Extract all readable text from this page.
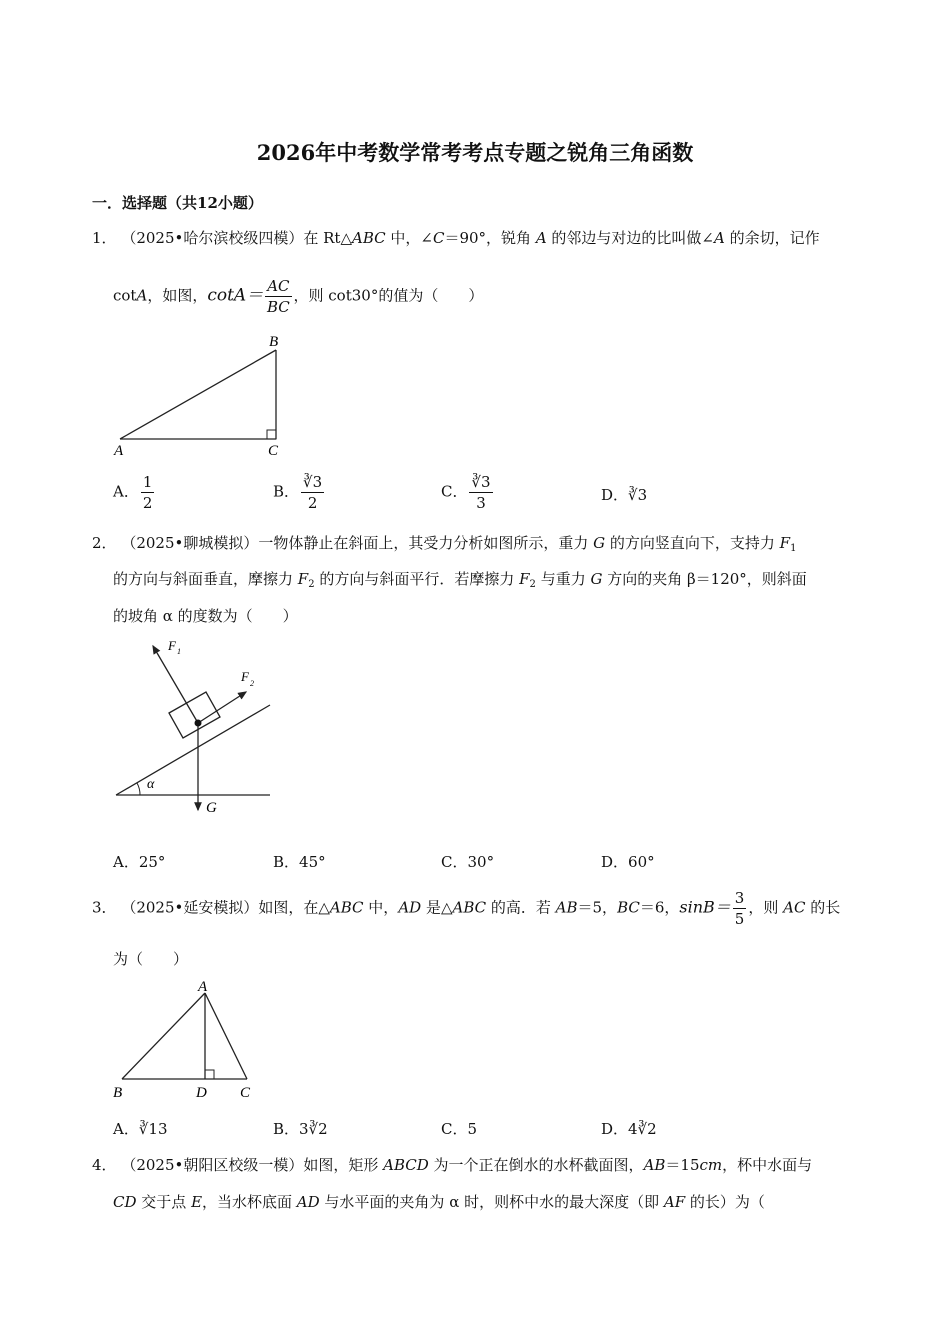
2026年中考数学常考考点专题之锐角三角函数
一．选择题（共12小题）
1． （2025•哈尔滨校级四模）在 Rt△ABC 中，∠C＝90°，锐角 A 的邻边与对边的比叫做∠A 的余切，记作
cotA，如图，$\cot A= \frac{AC}{BC}$ ，则 cot30°的值为（　　）
A
B
C
A． $\frac{1}{2}$	B． $\frac{∛3}{2}$	C． $\frac{∛3}{3}$	D．∛3
2． （2025•聊城模拟）一物体静止在斜面上，其受力分析如图所示，重力 G 的方向竖直向下，支持力 $F_1$
的方向与斜面垂直，摩擦力 $F_2$ 的方向与斜面平行．若摩擦力 $F_2$ 与重力 G 方向的夹角 β＝120°，则斜面
的坡角 α 的度数为（　　）
F 1
F 2
α
G
A．25°	B．45°	C．30°	D．60°
3． （2025•延安模拟）如图，在△ABC 中，AD 是△ABC 的高．若 AB＝5，BC＝6，$\sin B= \frac{3}{5}$ ，则 AC 的长
为（　　）
A
B	D C
A．∛13	B．3∛2	C．5	D．4∛2
4． （2025•朝阳区校级一模）如图，矩形 ABCD 为一个正在倒水的水杯截面图，AB＝15cm，杯中水面与
CD 交于点 E，当水杯底面 AD 与水平面的夹角为 α 时，则杯中水的最大深度（即 AF 的长）为（
